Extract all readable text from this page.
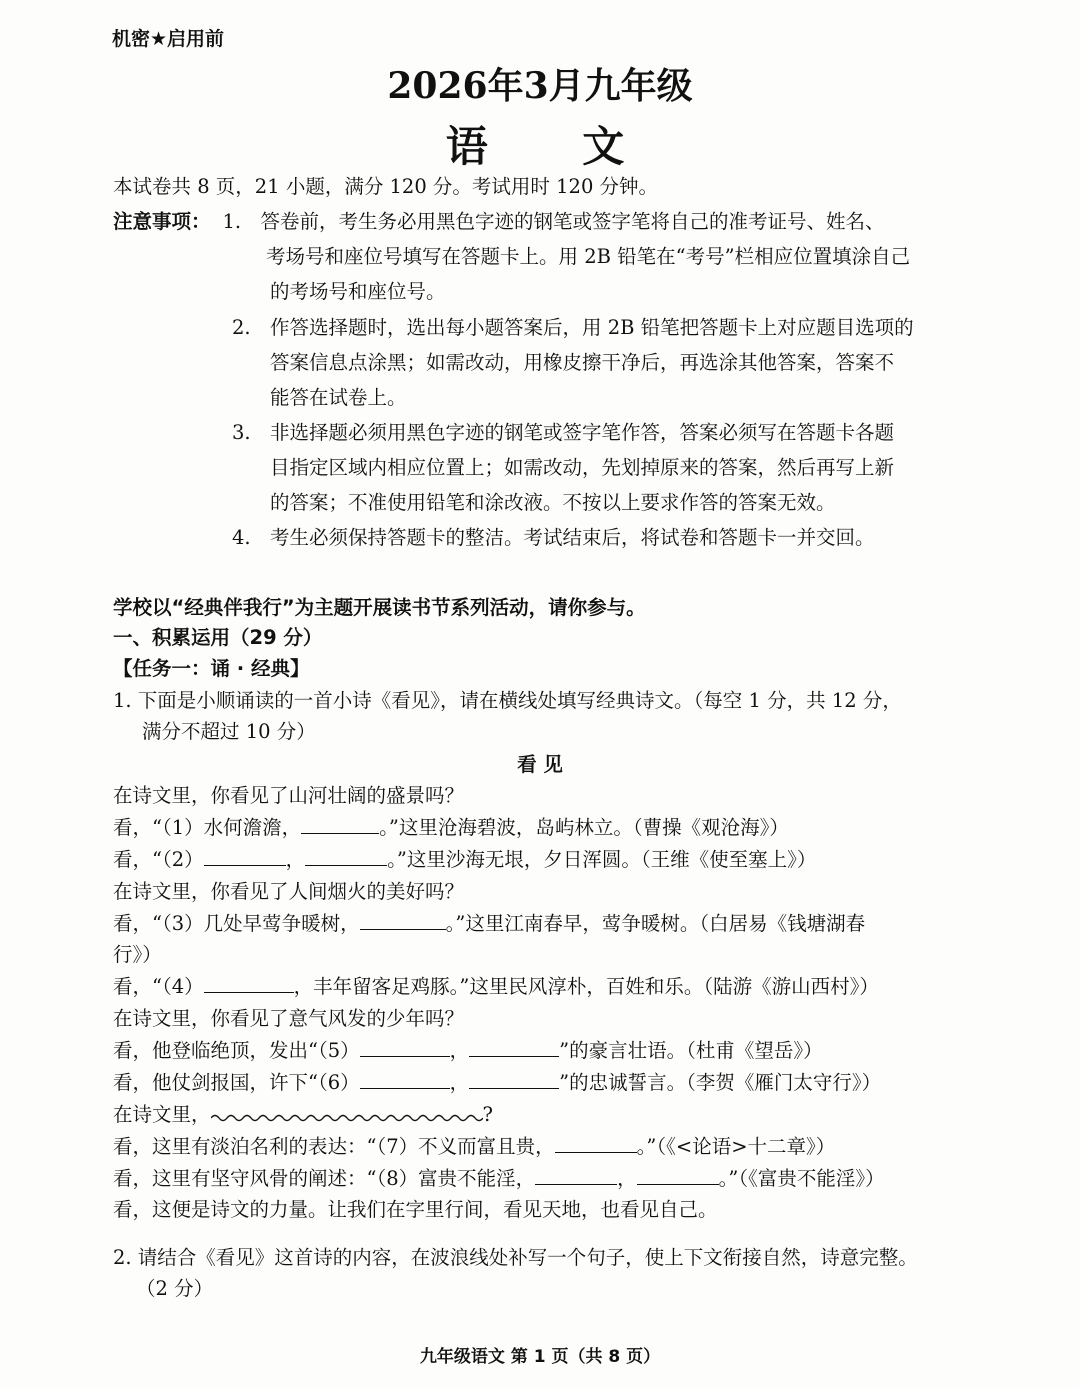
机密★启用前
2026年3月九年级
语 文
本试卷共 8 页，21 小题，满分 120 分。考试用时 120 分钟。
注意事项： 1. 答卷前，考生务必用黑色字迹的钢笔或签字笔将自己的准考证号、姓名、
考场号和座位号填写在答题卡上。用 2B 铅笔在“考号”栏相应位置填涂自己
的考场号和座位号。
2. 作答选择题时，选出每小题答案后，用 2B 铅笔把答题卡上对应题目选项的
答案信息点涂黑；如需改动，用橡皮擦干净后，再选涂其他答案，答案不
能答在试卷上。
3. 非选择题必须用黑色字迹的钢笔或签字笔作答，答案必须写在答题卡各题
目指定区域内相应位置上；如需改动，先划掉原来的答案，然后再写上新
的答案；不准使用铅笔和涂改液。不按以上要求作答的答案无效。
4. 考生必须保持答题卡的整洁。考试结束后，将试卷和答题卡一并交回。
学校以“经典伴我行”为主题开展读书节系列活动，请你参与。
一、积累运用（29 分）
【任务一：诵 · 经典】
1. 下面是小顺诵读的一首小诗《看见》，请在横线处填写经典诗文。（每空 1 分，共 12 分，
满分不超过 10 分）
看 见
在诗文里，你看见了山河壮阔的盛景吗？
看，“（1）水何澹澹，	。”这里沧海碧波，岛屿林立。（曹操《观沧海》）
看，“（2）	，	。”这里沙海无垠，夕日浑圆。（王维《使至塞上》）
在诗文里，你看见了人间烟火的美好吗？
看，“（3）几处早莺争暖树，	。”这里江南春早，莺争暖树。（白居易《钱塘湖春
行》）
看，“（4）	，丰年留客足鸡豚。”这里民风淳朴，百姓和乐。（陆游《游山西村》）
在诗文里，你看见了意气风发的少年吗？
看，他登临绝顶，发出“（5）	，	”的豪言壮语。（杜甫《望岳》）
看，他仗剑报国，许下“（6）	，	”的忠诚誓言。（李贺《雁门太守行》）
在诗文里，	?
看，这里有淡泊名利的表达：“（7）不义而富且贵，	。”（《<论语>十二章》）
看，这里有坚守风骨的阐述：“（8）富贵不能淫，	，	。”（《富贵不能淫》）
看，这便是诗文的力量。让我们在字里行间，看见天地，也看见自己。
2. 请结合《看见》这首诗的内容，在波浪线处补写一个句子，使上下文衔接自然，诗意完整。
（2 分）
九年级语文 第 1 页（共 8 页）
